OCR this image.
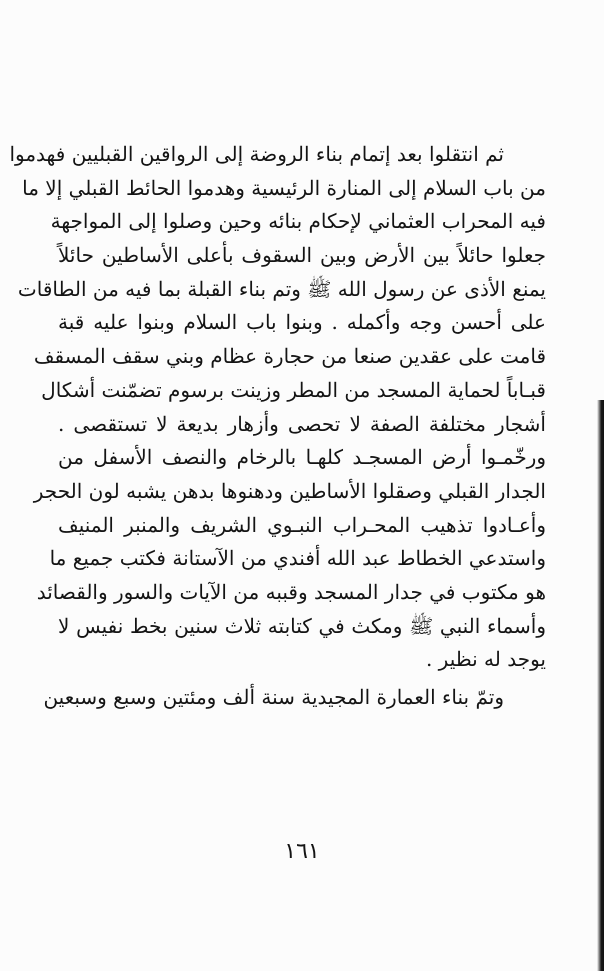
ثم انتقلوا بعد إتمام بناء الروضة إلى الرواقين القبليين فهدموا
من باب السلام إلى المنارة الرئيسية وهدموا الحائط القبلي إلا ما
فيه المحراب العثماني لإحكام بنائه وحين وصلوا إلى المواجهة
جعلوا حائلاً بين الأرض وبين السقوف بأعلى الأساطين حائلاً
يمنع الأذى عن رسول الله ﷺ وتم بناء القبلة بما فيه من الطاقات
على أحسن وجه وأكمله . وبنوا باب السلام وبنوا عليه قبة
قامت على عقدين صنعا من حجارة عظام وبني سقف المسقف
قبـاباً لحماية المسجد من المطر وزينت برسوم تضمّنت أشكال
أشجار مختلفة الصفة لا تحصى وأزهار بديعة لا تستقصى .
ورخّمـوا أرض المسجـد كلهـا بالرخام والنصف الأسفل من
الجدار القبلي وصقلوا الأساطين ودهنوها بدهن يشبه لون الحجر
وأعـادوا تذهيب المحـراب النبـوي الشريف والمنبر المنيف
واستدعي الخطاط عبد الله أفندي من الآستانة فكتب جميع ما
هو مكتوب في جدار المسجد وقببه من الآيات والسور والقصائد
وأسماء النبي ﷺ ومكث في كتابته ثلاث سنين بخط نفيس لا
يوجد له نظير .
وتمّ بناء العمارة المجيدية سنة ألف ومئتين وسبع وسبعين
١٦١
